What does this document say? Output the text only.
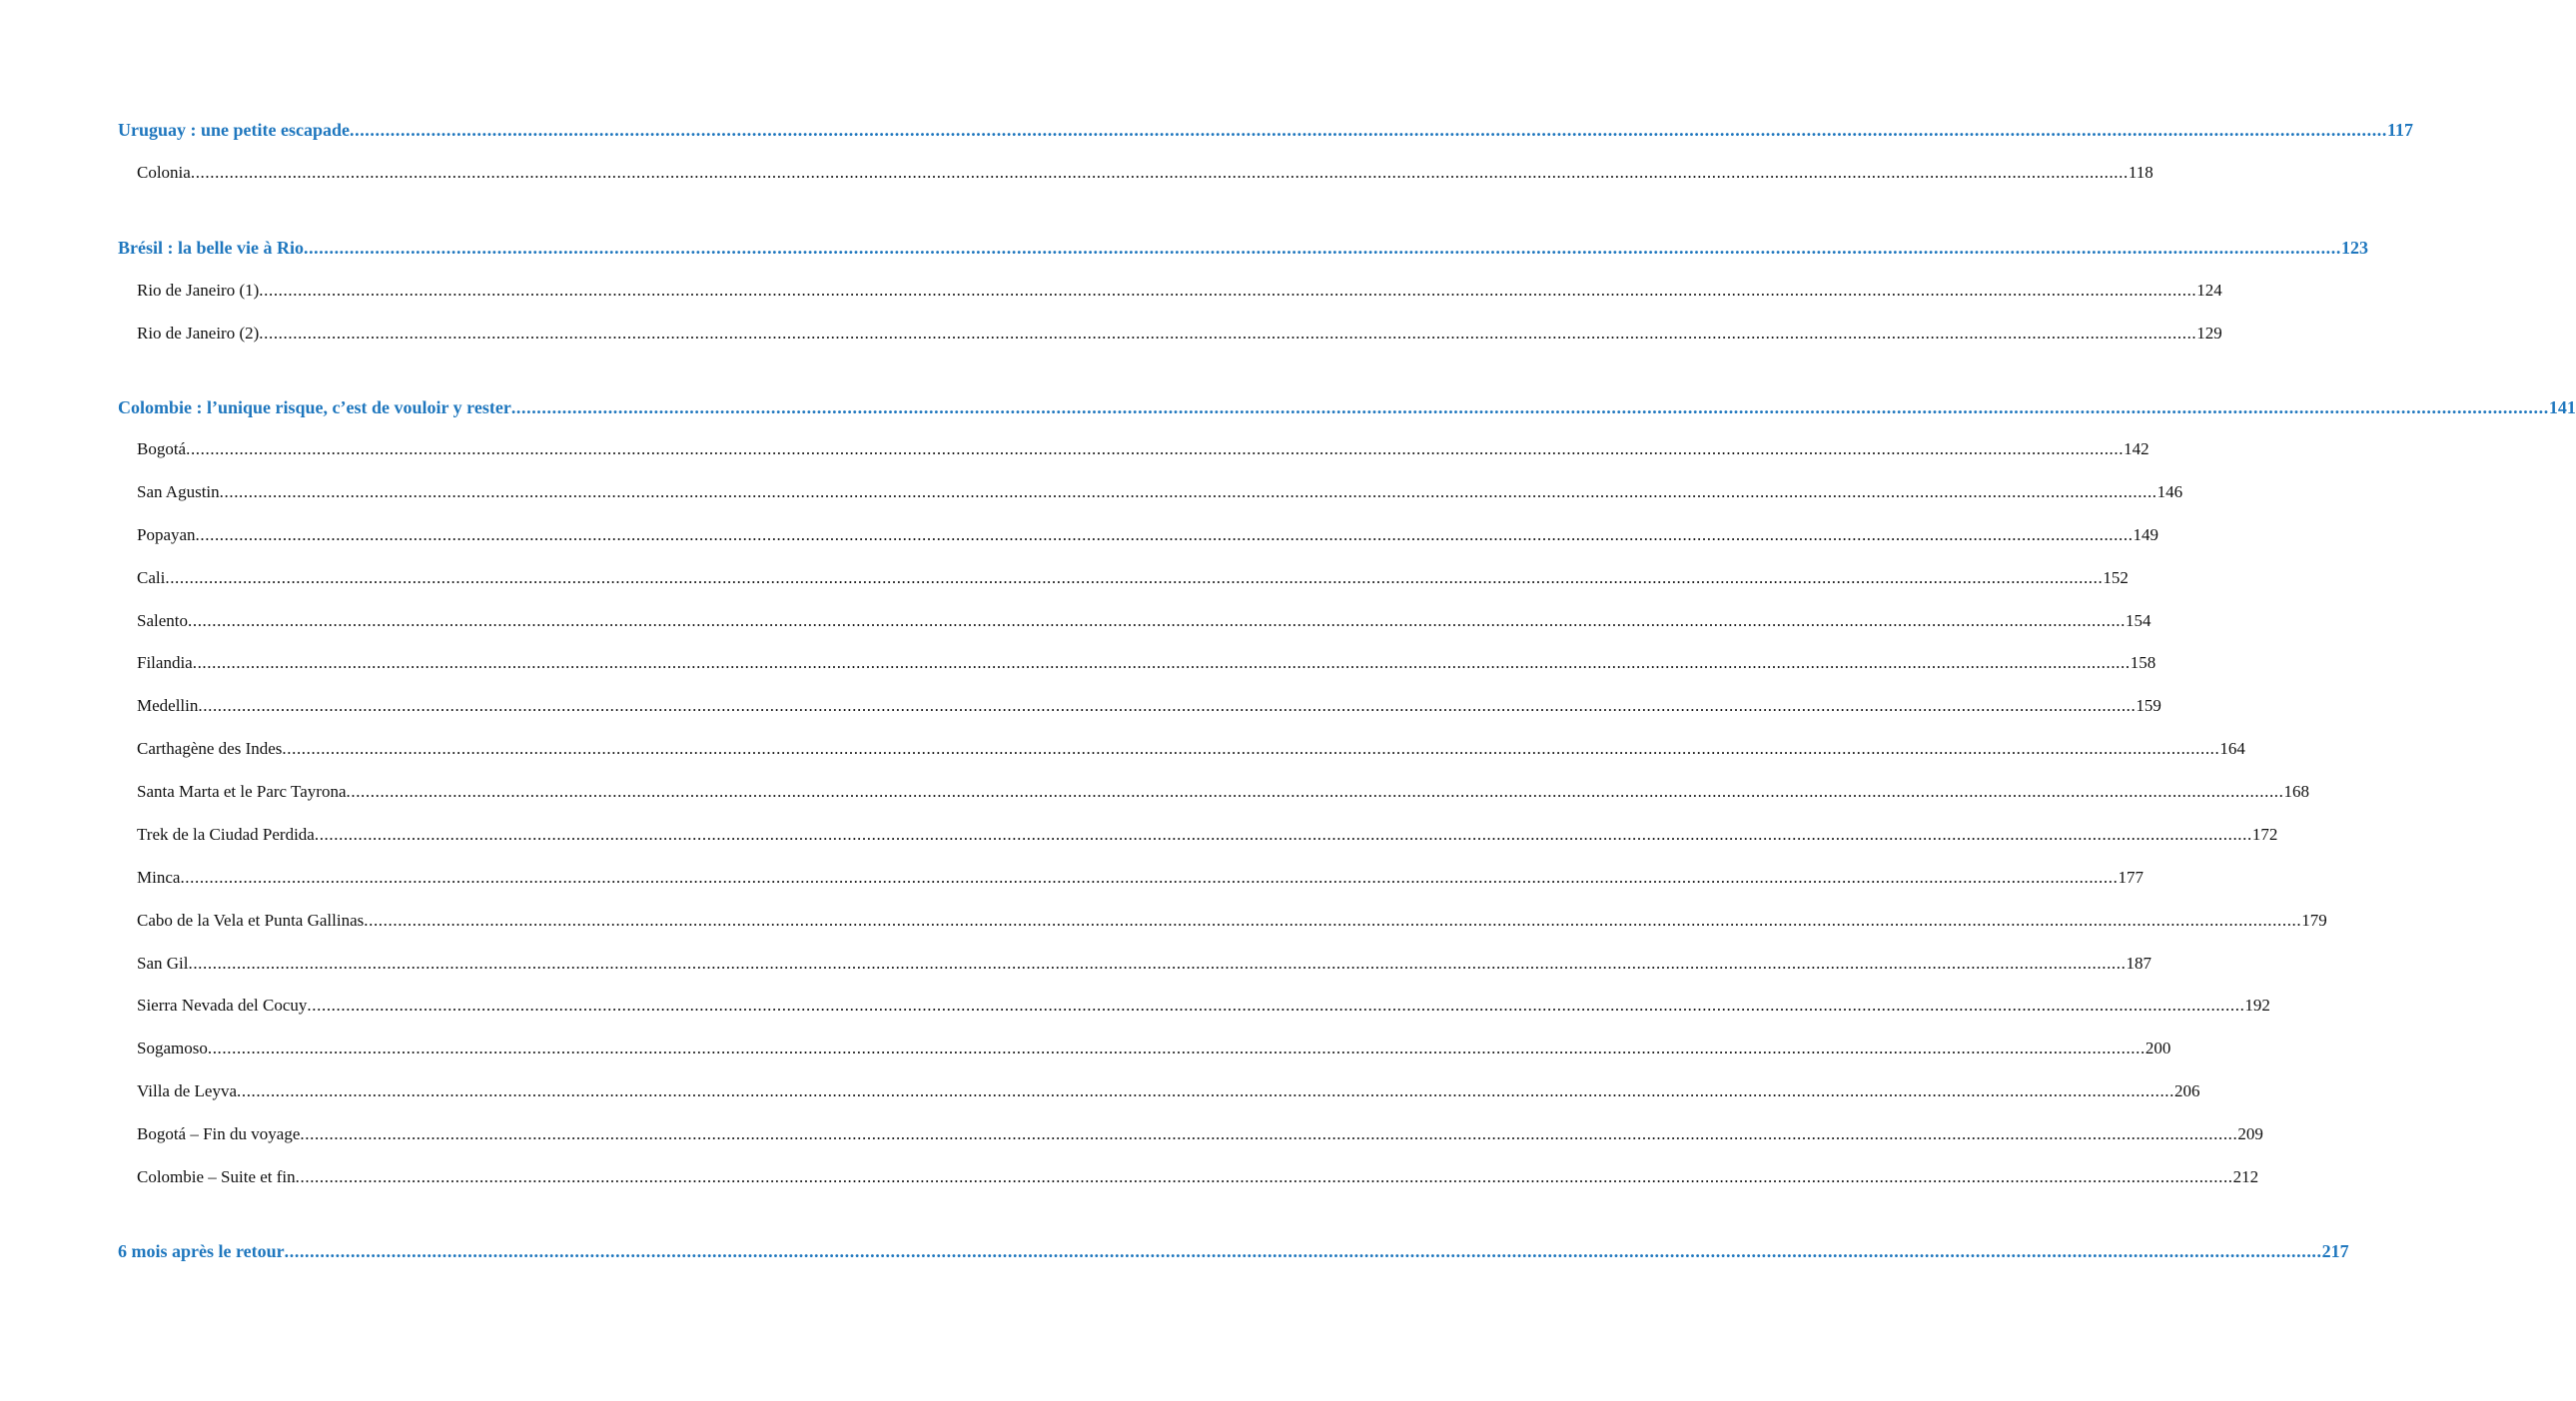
Uruguay : une petite escapade ................................................................................................................................................................................................................................................................................................................................................................................................................ 117
Colonia ................................................................................................................................................................................................................................................................................................................................................................................................................ 118
Brésil : la belle vie à Rio ................................................................................................................................................................................................................................................................................................................................................................................................................ 123
Rio de Janeiro (1) ................................................................................................................................................................................................................................................................................................................................................................................................................ 124
Rio de Janeiro (2) ................................................................................................................................................................................................................................................................................................................................................................................................................ 129
Colombie : l’unique risque, c’est de vouloir y rester ................................................................................................................................................................................................................................................................................................................................................................................................................ 141
Bogotá ................................................................................................................................................................................................................................................................................................................................................................................................................ 142
San Agustin ................................................................................................................................................................................................................................................................................................................................................................................................................ 146
Popayan ................................................................................................................................................................................................................................................................................................................................................................................................................ 149
Cali ................................................................................................................................................................................................................................................................................................................................................................................................................ 152
Salento ................................................................................................................................................................................................................................................................................................................................................................................................................ 154
Filandia ................................................................................................................................................................................................................................................................................................................................................................................................................ 158
Medellin ................................................................................................................................................................................................................................................................................................................................................................................................................ 159
Carthagène des Indes ................................................................................................................................................................................................................................................................................................................................................................................................................ 164
Santa Marta et le Parc Tayrona ................................................................................................................................................................................................................................................................................................................................................................................................................ 168
Trek de la Ciudad Perdida ................................................................................................................................................................................................................................................................................................................................................................................................................ 172
Minca ................................................................................................................................................................................................................................................................................................................................................................................................................ 177
Cabo de la Vela et Punta Gallinas ................................................................................................................................................................................................................................................................................................................................................................................................................ 179
San Gil ................................................................................................................................................................................................................................................................................................................................................................................................................ 187
Sierra Nevada del Cocuy ................................................................................................................................................................................................................................................................................................................................................................................................................ 192
Sogamoso ................................................................................................................................................................................................................................................................................................................................................................................................................ 200
Villa de Leyva ................................................................................................................................................................................................................................................................................................................................................................................................................ 206
Bogotá – Fin du voyage ................................................................................................................................................................................................................................................................................................................................................................................................................ 209
Colombie – Suite et fin ................................................................................................................................................................................................................................................................................................................................................................................................................ 212
6 mois après le retour ................................................................................................................................................................................................................................................................................................................................................................................................................ 217
